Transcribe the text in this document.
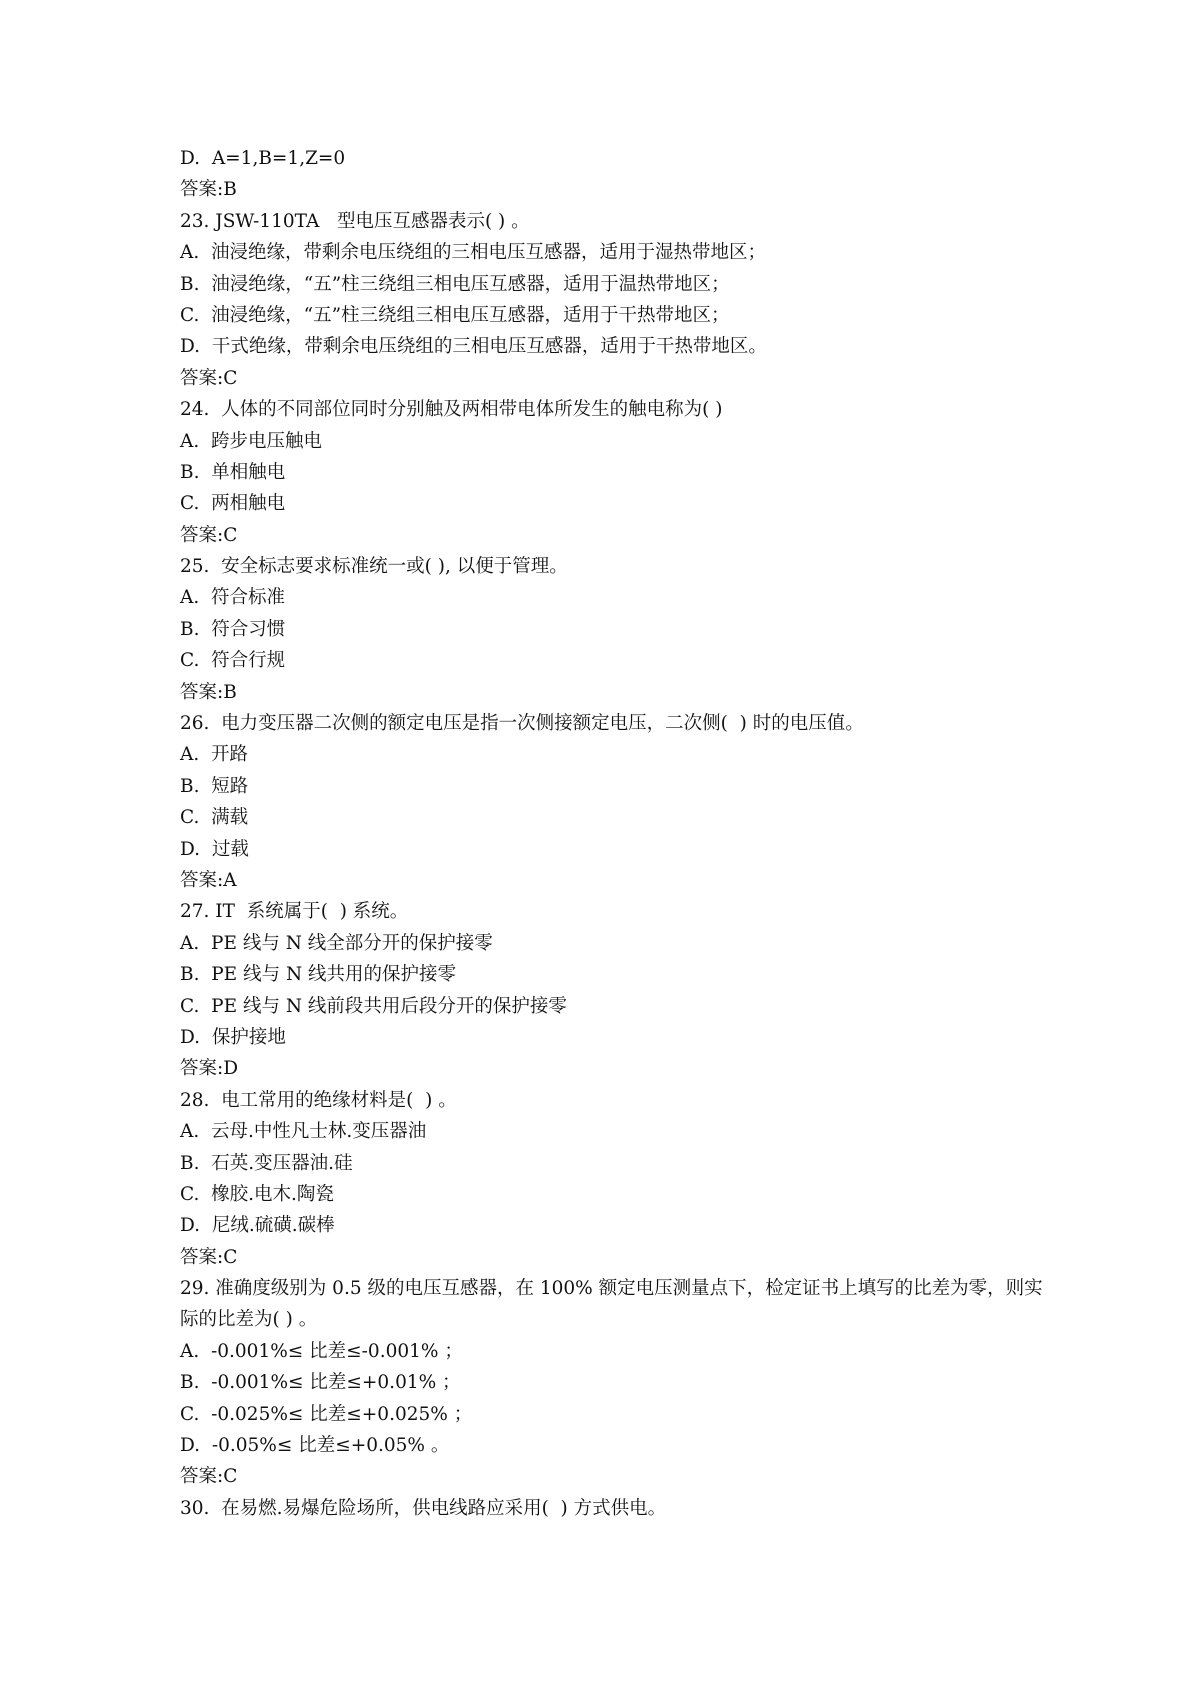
D.  A=1,B=1,Z=0
答案:B
23. JSW-110TA   型电压互感器表示( ) 。
A.  油浸绝缘，带剩余电压绕组的三相电压互感器，适用于湿热带地区；
B.  油浸绝缘，“五”柱三绕组三相电压互感器，适用于温热带地区；
C.  油浸绝缘，“五”柱三绕组三相电压互感器，适用于干热带地区；
D.  干式绝缘，带剩余电压绕组的三相电压互感器，适用于干热带地区。
答案:C
24.  人体的不同部位同时分别触及两相带电体所发生的触电称为( )
A.  跨步电压触电
B.  单相触电
C.  两相触电
答案:C
25.  安全标志要求标准统一或( ), 以便于管理。
A.  符合标准
B.  符合习惯
C.  符合行规
答案:B
26.  电力变压器二次侧的额定电压是指一次侧接额定电压，二次侧(  ) 时的电压值。
A.  开路
B.  短路
C.  满载
D.  过载
答案:A
27. IT  系统属于(  ) 系统。
A.  PE 线与 N 线全部分开的保护接零
B.  PE 线与 N 线共用的保护接零
C.  PE 线与 N 线前段共用后段分开的保护接零
D.  保护接地
答案:D
28.  电工常用的绝缘材料是(  ) 。
A.  云母.中性凡士林.变压器油
B.  石英.变压器油.硅
C.  橡胶.电木.陶瓷
D.  尼绒.硫磺.碳棒
答案:C
29. 准确度级别为 0.5 级的电压互感器，在 100% 额定电压测量点下，检定证书上填写的比差为零，则实际的比差为( ) 。
A.  -0.001%≤ 比差≤-0.001% ；
B.  -0.001%≤ 比差≤+0.01% ；
C.  -0.025%≤ 比差≤+0.025% ；
D.  -0.05%≤ 比差≤+0.05% 。
答案:C
30.  在易燃.易爆危险场所，供电线路应采用(  ) 方式供电。
